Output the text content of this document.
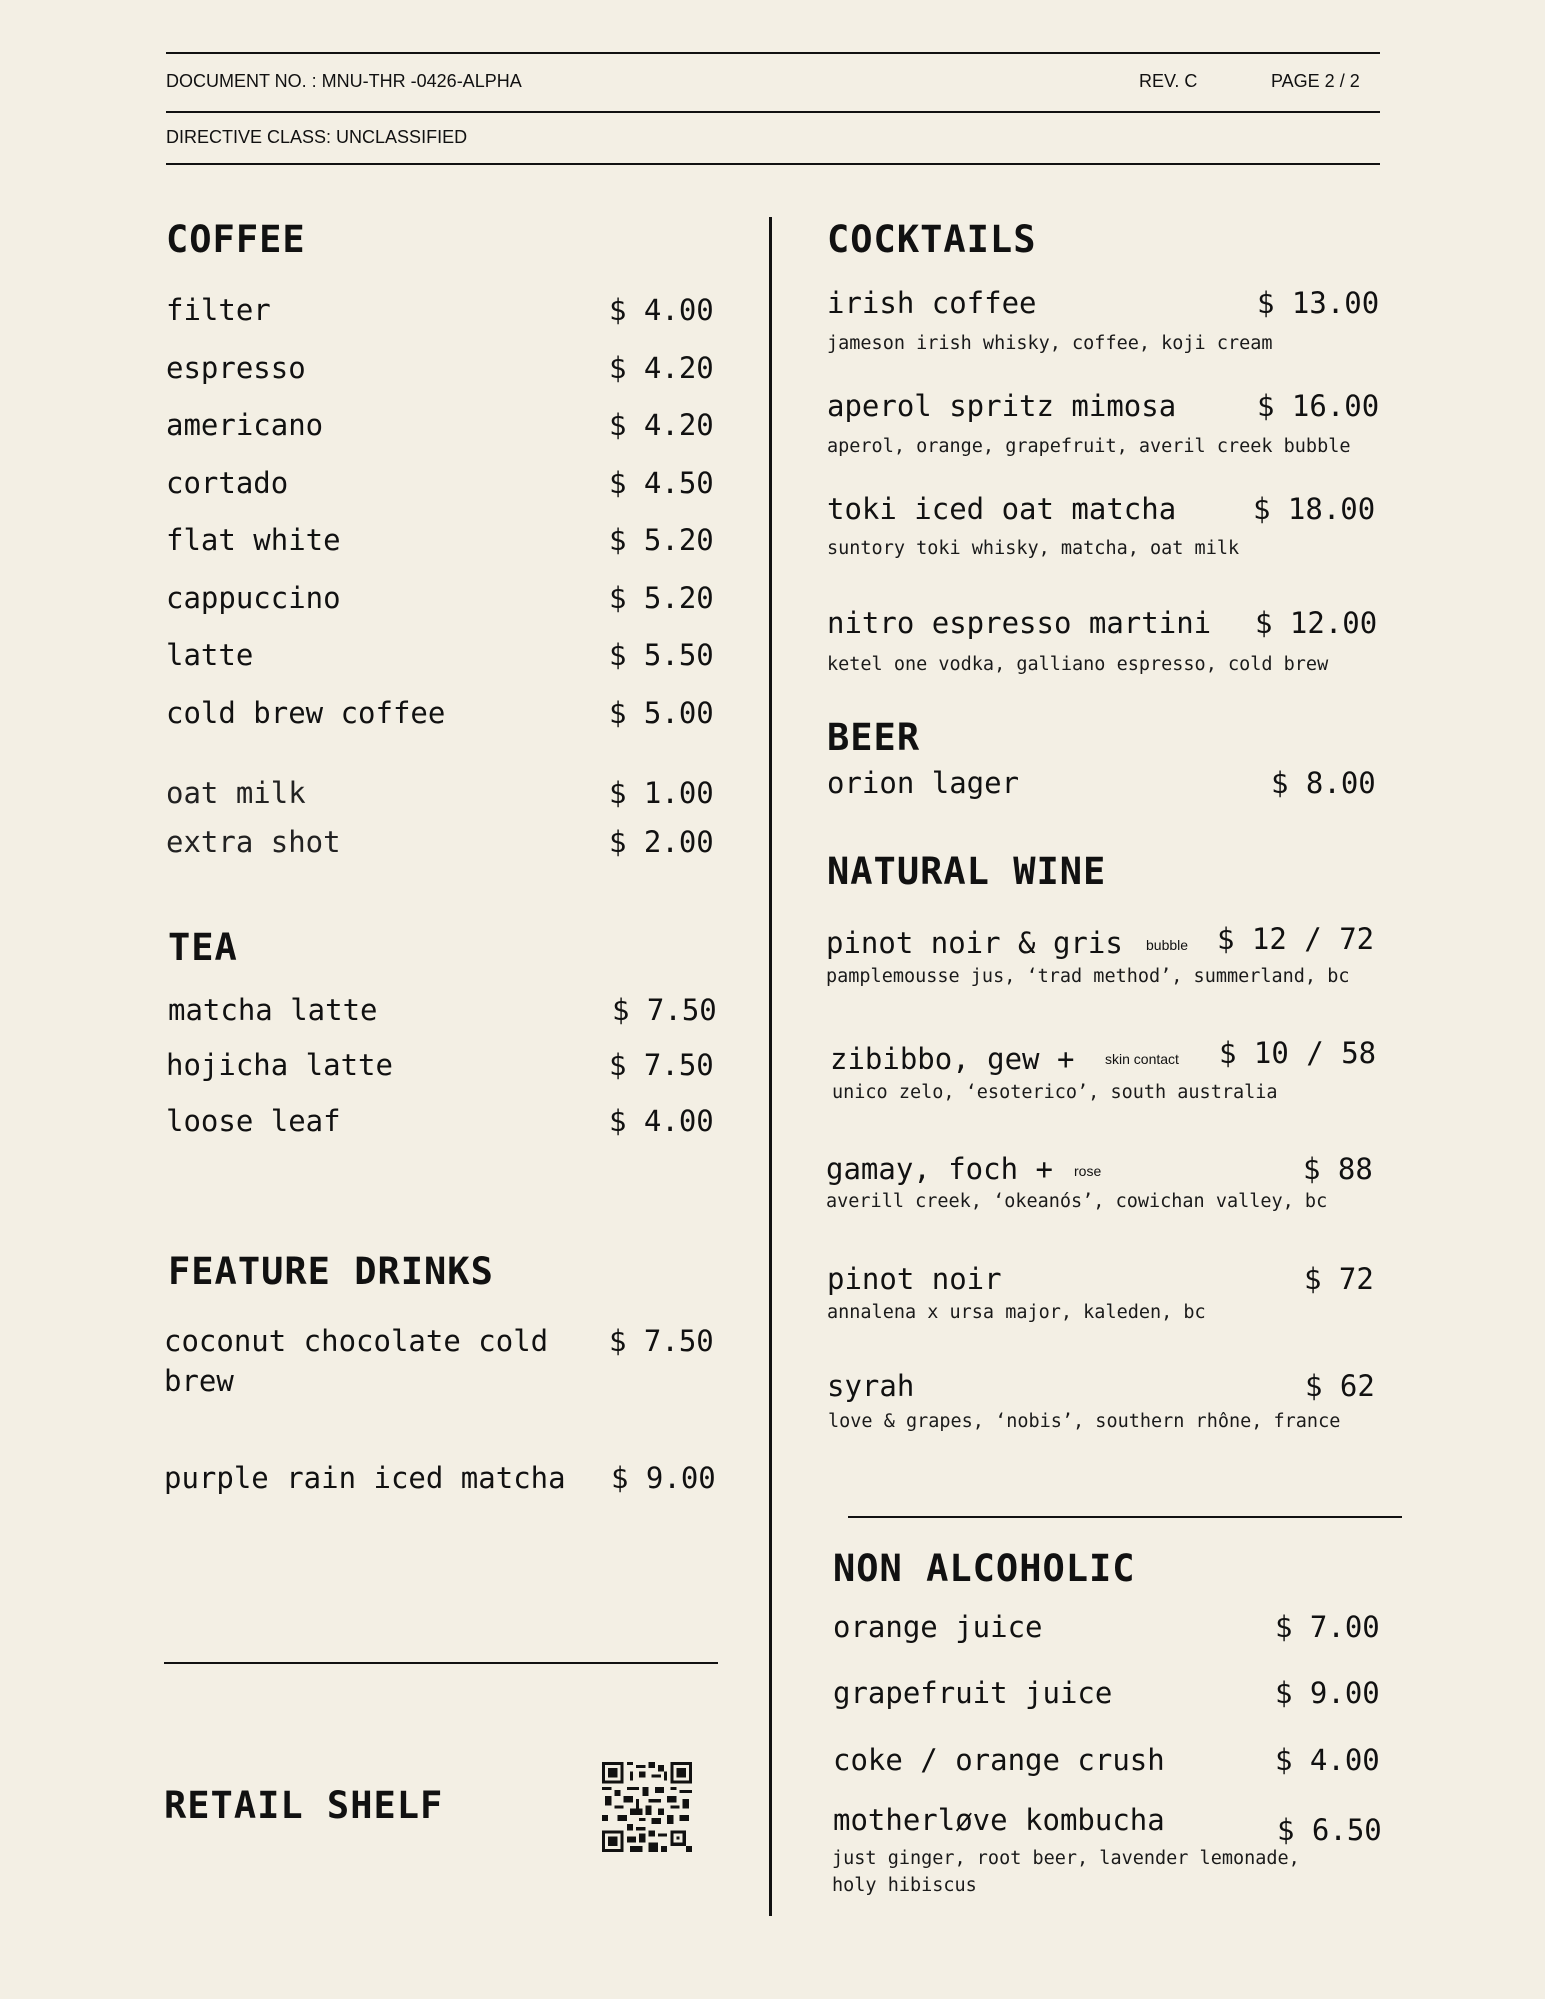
DOCUMENT NO. : MNU-THR -0426-ALPHA	REV. C	PAGE 2 / 2
DIRECTIVE CLASS: UNCLASSIFIED
COFFEE
filter	$ 4.00
espresso	$ 4.20
americano	$ 4.20
cortado	$ 4.50
flat white	$ 5.20
cappuccino	$ 5.20
latte	$ 5.50
cold brew coffee	$ 5.00
oat milk	$ 1.00
extra shot	$ 2.00
TEA
matcha latte	$ 7.50
hojicha latte	$ 7.50
loose leaf	$ 4.00
FEATURE DRINKS
coconut chocolate cold
brew
$ 7.50
purple rain iced matcha $ 9.00
RETAIL SHELF
COCKTAILS
irish coffee	$ 13.00
jameson irish whisky, coffee, koji cream
aperol spritz mimosa	$ 16.00
aperol, orange, grapefruit, averil creek bubble
toki iced oat matcha	$ 18.00
suntory toki whisky, matcha, oat milk
nitro espresso martini $ 12.00
ketel one vodka, galliano espresso, cold brew
BEER
orion lager	$ 8.00
NATURAL WINE
pinot noir & gris bubble $ 12 / 72
pamplemousse jus, ‘trad method’, summerland, bc
zibibbo, gew + skin contact $ 10 / 58
unico zelo, ‘esoterico’, south australia
gamay, foch + rose	$ 88
averill creek, ‘okeanós’, cowichan valley, bc
pinot noir	$ 72
annalena x ursa major, kaleden, bc
syrah	$ 62
love & grapes, ‘nobis’, southern rhône, france
NON ALCOHOLIC
orange juice	$ 7.00
grapefruit juice	$ 9.00
coke / orange crush	$ 4.00
motherløve kombucha	$ 6.50
just ginger, root beer, lavender lemonade,
holy hibiscus
